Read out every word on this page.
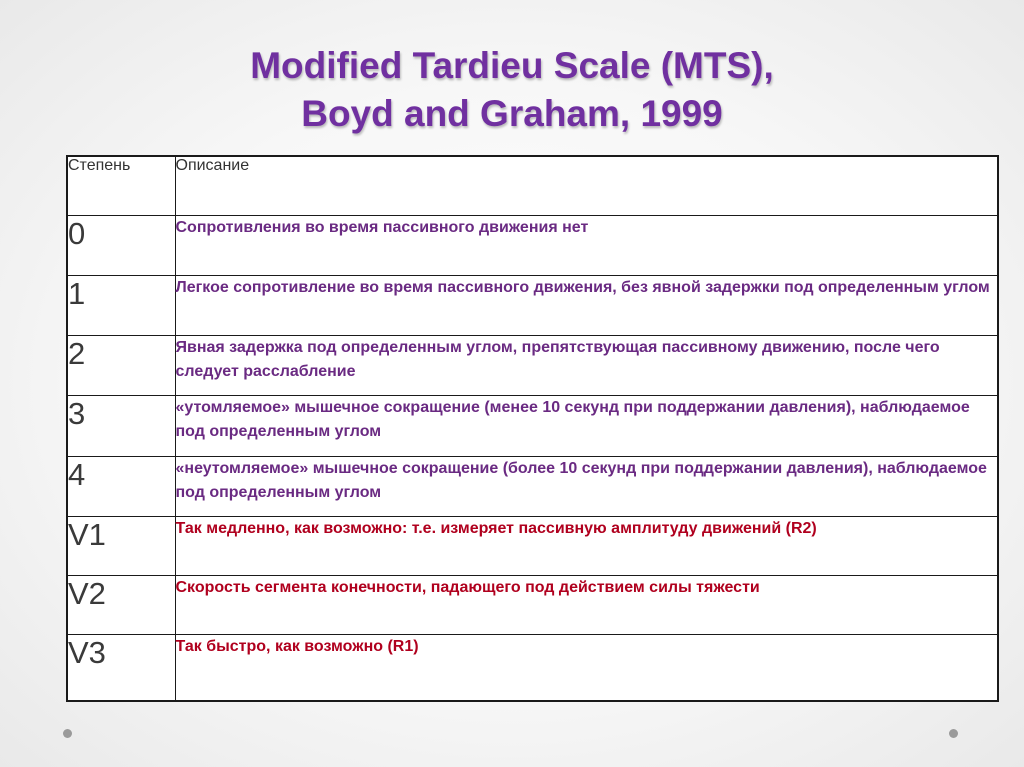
Modified Tardieu Scale (MTS),
Boyd and Graham, 1999
Степень	Описание
0	Сопротивления во время пассивного движения нет
1	Легкое сопротивление во время пассивного движения, без явной задержки под определенным углом
2	Явная задержка под определенным углом, препятствующая пассивному движению, после чего следует расслабление
3	«утомляемое» мышечное сокращение (менее 10 секунд при поддержании давления), наблюдаемое под определенным углом
4	«неутомляемое» мышечное сокращение (более 10 секунд при поддержании давления), наблюдаемое под определенным углом
V1	Так медленно, как возможно: т.е. измеряет пассивную амплитуду движений (R2)
V2	Скорость сегмента конечности, падающего под действием силы тяжести
V3	Так быстро, как возможно (R1)
